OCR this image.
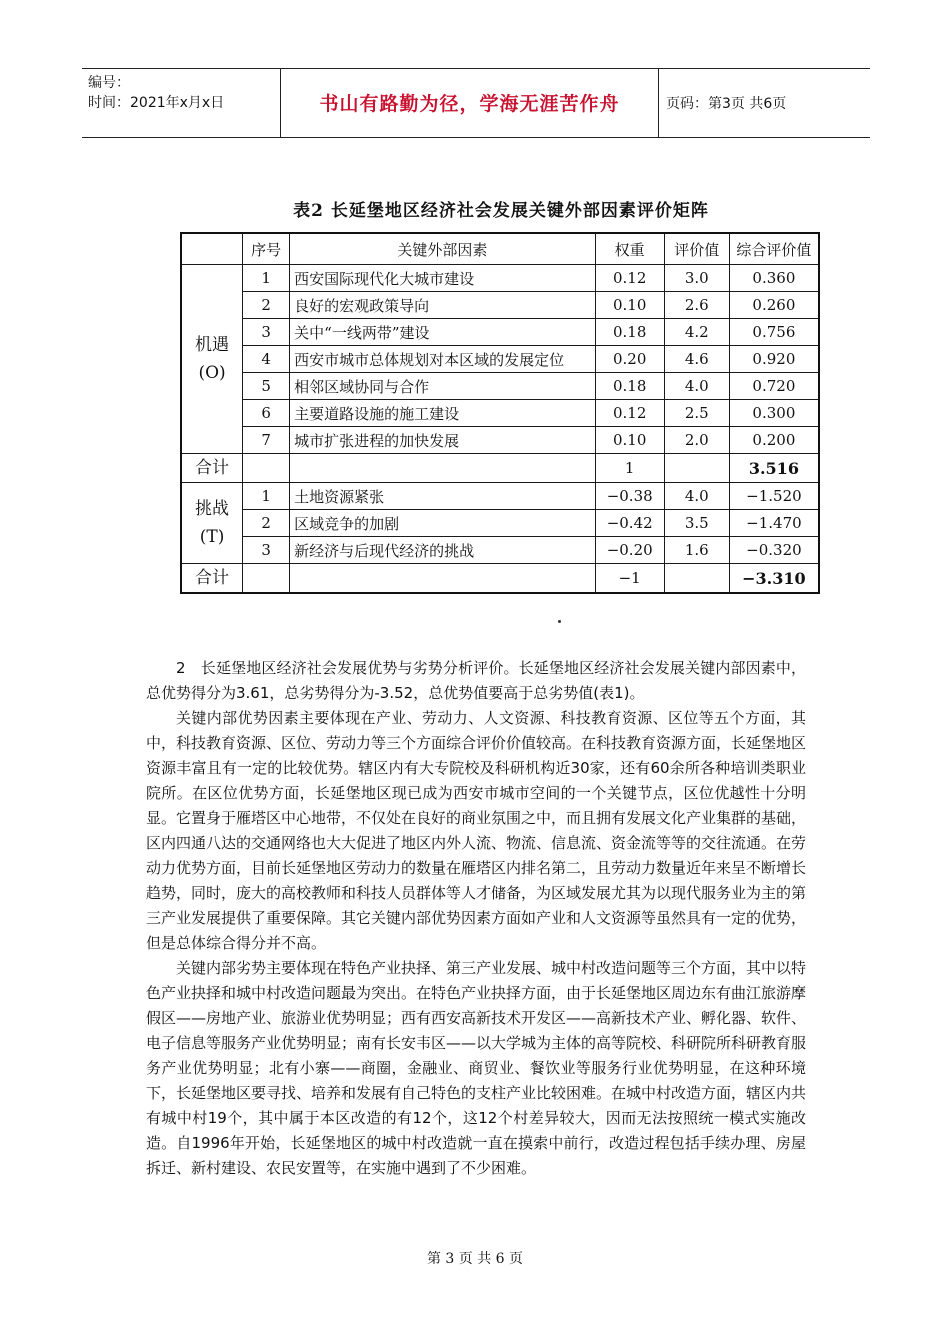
编号：
时间：2021年x月x日	书山有路勤为径，学海无涯苦作舟	页码：第3页 共6页
表2 长延堡地区经济社会发展关键外部因素评价矩阵
	序号	关键外部因素	权重	评价值	综合评价值
机遇 (O)	1	西安国际现代化大城市建设	0.12	3.0	0.360
	2	良好的宏观政策导向	0.10	2.6	0.260
	3	关中“一线两带”建设	0.18	4.2	0.756
	4	西安市城市总体规划对本区域的发展定位	0.20	4.6	0.920
	5	相邻区域协同与合作	0.18	4.0	0.720
	6	主要道路设施的施工建设	0.12	2.5	0.300
	7	城市扩张进程的加快发展	0.10	2.0	0.200
合计			1		3.516
挑战 (T)	1	土地资源紧张	−0.38	4.0	−1.520
	2	区域竞争的加剧	−0.42	3.5	−1.470
	3	新经济与后现代经济的挑战	−0.20	1.6	−0.320
合计			−1		−3.310

2　长延堡地区经济社会发展优势与劣势分析评价。长延堡地区经济社会发展关键内部因素中，总优势得分为3.61，总劣势得分为-3.52，总优势值要高于总劣势值(表1)。

关键内部优势因素主要体现在产业、劳动力、人文资源、科技教育资源、区位等五个方面，其中，科技教育资源、区位、劳动力等三个方面综合评价价值较高。在科技教育资源方面，长延堡地区资源丰富且有一定的比较优势。辖区内有大专院校及科研机构近30家，还有60余所各种培训类职业院所。在区位优势方面，长延堡地区现已成为西安市城市空间的一个关键节点，区位优越性十分明显。它置身于雁塔区中心地带，不仅处在良好的商业氛围之中，而且拥有发展文化产业集群的基础，区内四通八达的交通网络也大大促进了地区内外人流、物流、信息流、资金流等等的交往流通。在劳动力优势方面，目前长延堡地区劳动力的数量在雁塔区内排名第二，且劳动力数量近年来呈不断增长趋势，同时，庞大的高校教师和科技人员群体等人才储备，为区域发展尤其为以现代服务业为主的第三产业发展提供了重要保障。其它关键内部优势因素方面如产业和人文资源等虽然具有一定的优势，但是总体综合得分并不高。

关键内部劣势主要体现在特色产业抉择、第三产业发展、城中村改造问题等三个方面，其中以特色产业抉择和城中村改造问题最为突出。在特色产业抉择方面，由于长延堡地区周边东有曲江旅游摩假区——房地产业、旅游业优势明显；西有西安高新技术开发区——高新技术产业、孵化器、软件、电子信息等服务产业优势明显；南有长安韦区——以大学城为主体的高等院校、科研院所科研教育服务产业优势明显；北有小寨——商圈，金融业、商贸业、餐饮业等服务行业优势明显，在这种环境下，长延堡地区要寻找、培养和发展有自己特色的支柱产业比较困难。在城中村改造方面，辖区内共有城中村19个，其中属于本区改造的有12个，这12个村差异较大，因而无法按照统一模式实施改造。自1996年开始，长延堡地区的城中村改造就一直在摸索中前行，改造过程包括手续办理、房屋拆迁、新村建设、农民安置等，在实施中遇到了不少困难。

第 3 页 共 6 页
